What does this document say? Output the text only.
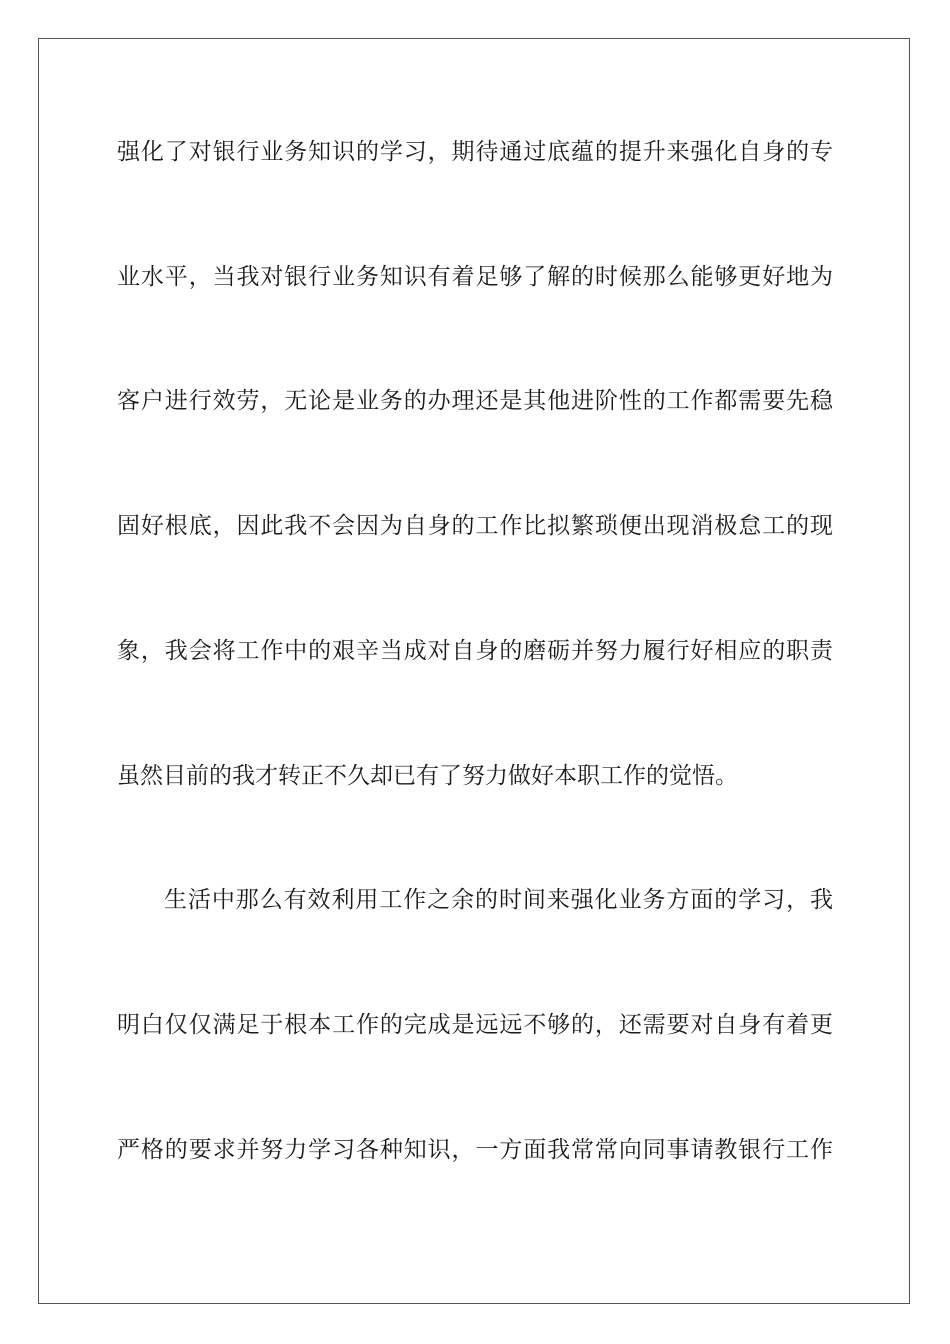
强化了对银行业务知识的学习，期待通过底蕴的提升来强化自身的专
业水平，当我对银行业务知识有着足够了解的时候那么能够更好地为
客户进行效劳，无论是业务的办理还是其他进阶性的工作都需要先稳
固好根底，因此我不会因为自身的工作比拟繁琐便出现消极怠工的现
象，我会将工作中的艰辛当成对自身的磨砺并努力履行好相应的职责
虽然目前的我才转正不久却已有了努力做好本职工作的觉悟。
生活中那么有效利用工作之余的时间来强化业务方面的学习，我
明白仅仅满足于根本工作的完成是远远不够的，还需要对自身有着更
严格的要求并努力学习各种知识，一方面我常常向同事请教银行工作
